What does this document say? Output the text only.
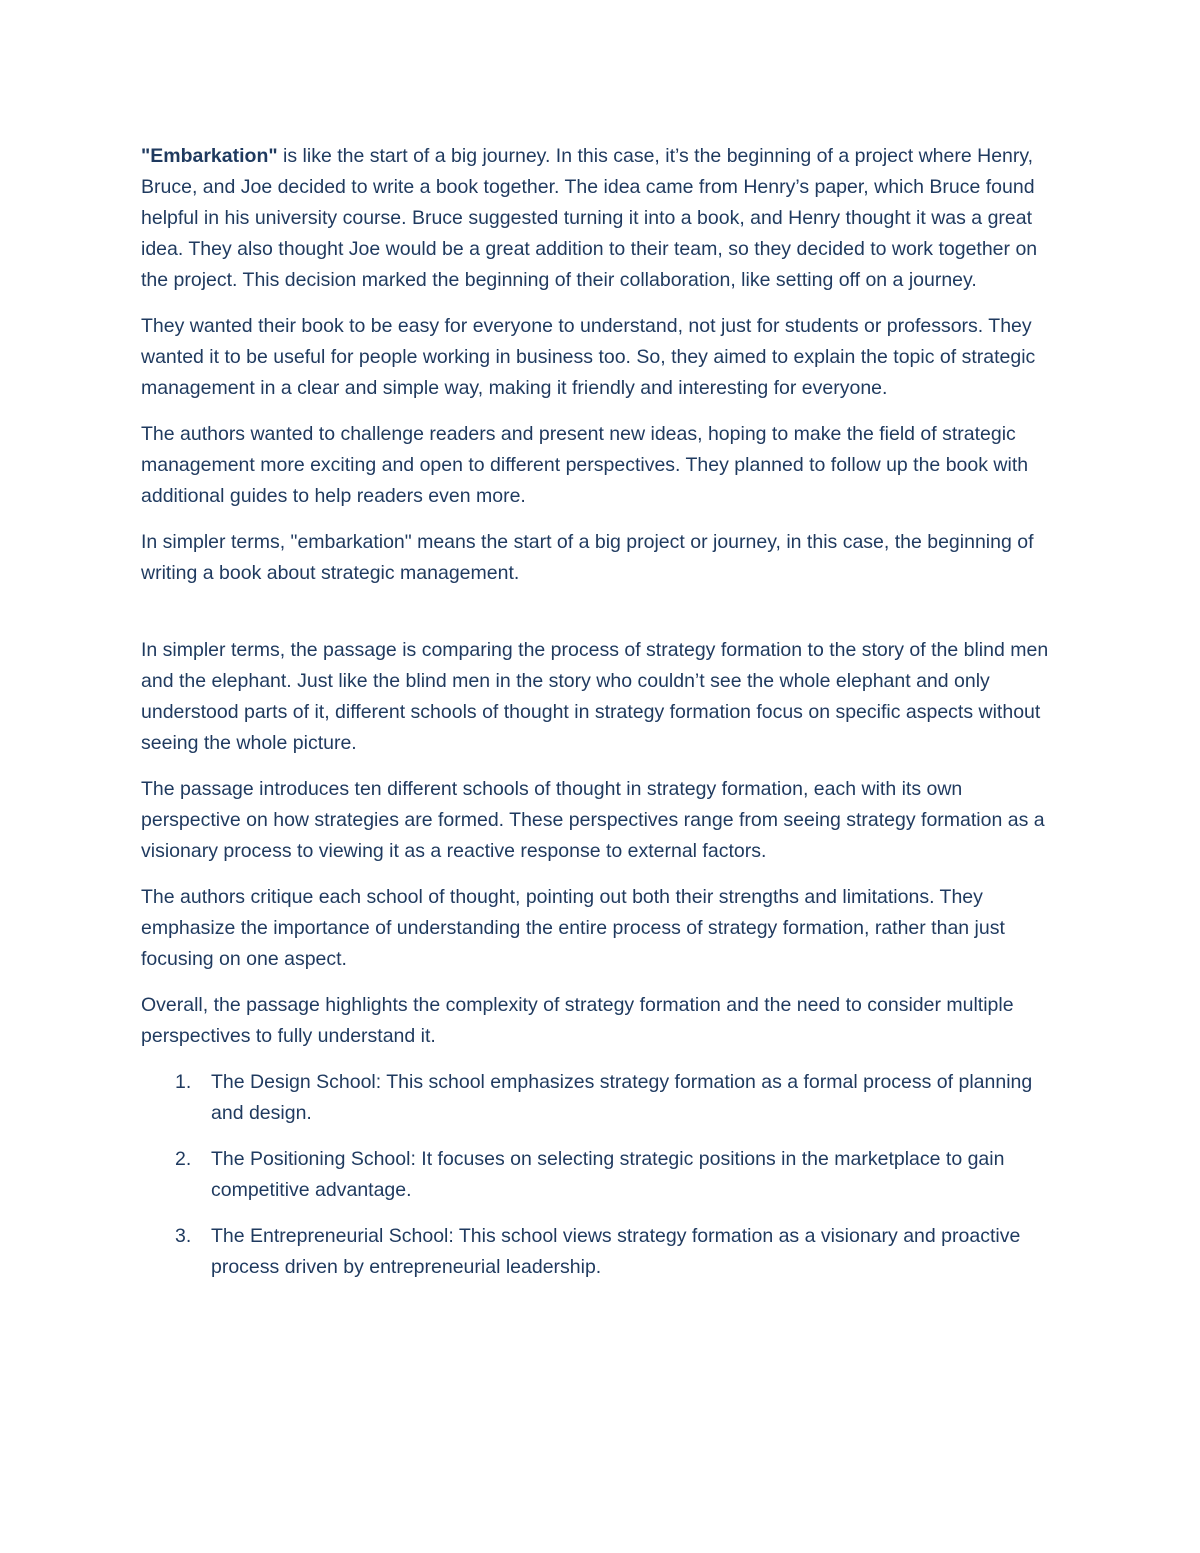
"Embarkation" is like the start of a big journey. In this case, it’s the beginning of a project where Henry, Bruce, and Joe decided to write a book together. The idea came from Henry’s paper, which Bruce found helpful in his university course. Bruce suggested turning it into a book, and Henry thought it was a great idea. They also thought Joe would be a great addition to their team, so they decided to work together on the project. This decision marked the beginning of their collaboration, like setting off on a journey.

They wanted their book to be easy for everyone to understand, not just for students or professors. They wanted it to be useful for people working in business too. So, they aimed to explain the topic of strategic management in a clear and simple way, making it friendly and interesting for everyone.

The authors wanted to challenge readers and present new ideas, hoping to make the field of strategic management more exciting and open to different perspectives. They planned to follow up the book with additional guides to help readers even more.

In simpler terms, "embarkation" means the start of a big project or journey, in this case, the beginning of writing a book about strategic management.

In simpler terms, the passage is comparing the process of strategy formation to the story of the blind men and the elephant. Just like the blind men in the story who couldn’t see the whole elephant and only understood parts of it, different schools of thought in strategy formation focus on specific aspects without seeing the whole picture.

The passage introduces ten different schools of thought in strategy formation, each with its own perspective on how strategies are formed. These perspectives range from seeing strategy formation as a visionary process to viewing it as a reactive response to external factors.

The authors critique each school of thought, pointing out both their strengths and limitations. They emphasize the importance of understanding the entire process of strategy formation, rather than just focusing on one aspect.

Overall, the passage highlights the complexity of strategy formation and the need to consider multiple perspectives to fully understand it.

1. The Design School: This school emphasizes strategy formation as a formal process of planning and design.
2. The Positioning School: It focuses on selecting strategic positions in the marketplace to gain competitive advantage.
3. The Entrepreneurial School: This school views strategy formation as a visionary and proactive process driven by entrepreneurial leadership.
